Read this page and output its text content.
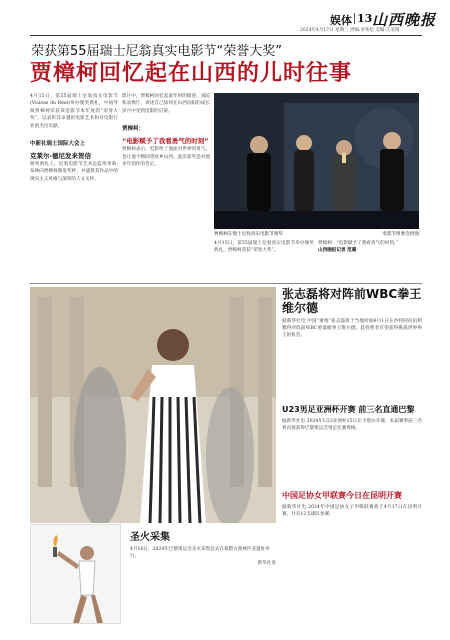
娱体 13 山西晚报
2024年4月17日 星期三 责编:李兆松 美编:王菲翔
荣获第55届瑞士尼翁真实电影节“荣誉大奖”
贾樟柯回忆起在山西的儿时往事

4月15日，第55届瑞士尼翁真实电影节(Visions du Réel)举办颁奖典礼，中国导演贾樟柯荣获该电影节本年度的“荣誉大奖”，以表彰其卓越的电影艺术和对电影行业的杰出贡献。

中新社瑞士国际大会上
克莱尔·德尼发来贺信

颁奖典礼上，尼翁电影节艺术总监埃米莉·布林向贾樟柯颁发奖杯，并盛赞其作品中的现实主义风格与深厚的人文关怀。

影片中，贾樟柯回忆起童年时的街巷、戏院和录像厅，讲述自己如何在山西汾阳的成长岁月中受到电影的启蒙。

贾樟柯：
“电影赋予了我看勇气的时刻”

贾樟柯表示，电影给了他面对世界的勇气，也让他不断回望故乡山西。此次获奖是对他多年创作的肯定。

贾樟柯在瑞士尼翁真实电影节领奖	电影节组委会供图

4月15日，第55届瑞士尼翁真实电影节举办颁奖典礼，贾樟柯荣获“荣誉大奖”。

贾樟柯：“电影赋予了我看勇气的时刻。”

山西晚报记者 范璐

圣火采集

4月16日，2024年巴黎奥运会圣火采集仪式在希腊古奥林匹亚遗址举行。

新华社发

张志磊将对阵前WBC拳王维尔德

据新华社电 中国“重炮”张志磊将于当地时间6月1日在沙特阿拉伯利雅得对阵前WBC重量级拳王维尔德。此役胜者有望获得挑战世界拳王的机会。

U23男足亚洲杯开赛 前三名直通巴黎

据新华社电 2024年U23亚洲杯15日在卡塔尔开赛，本届赛事前三名将直接获得巴黎奥运会男足比赛资格。

中国足协女甲联赛今日在昆明开赛

据新华社电 2024年中国足协女子甲级联赛将于4月17日在昆明开赛，共有12支球队参赛。
